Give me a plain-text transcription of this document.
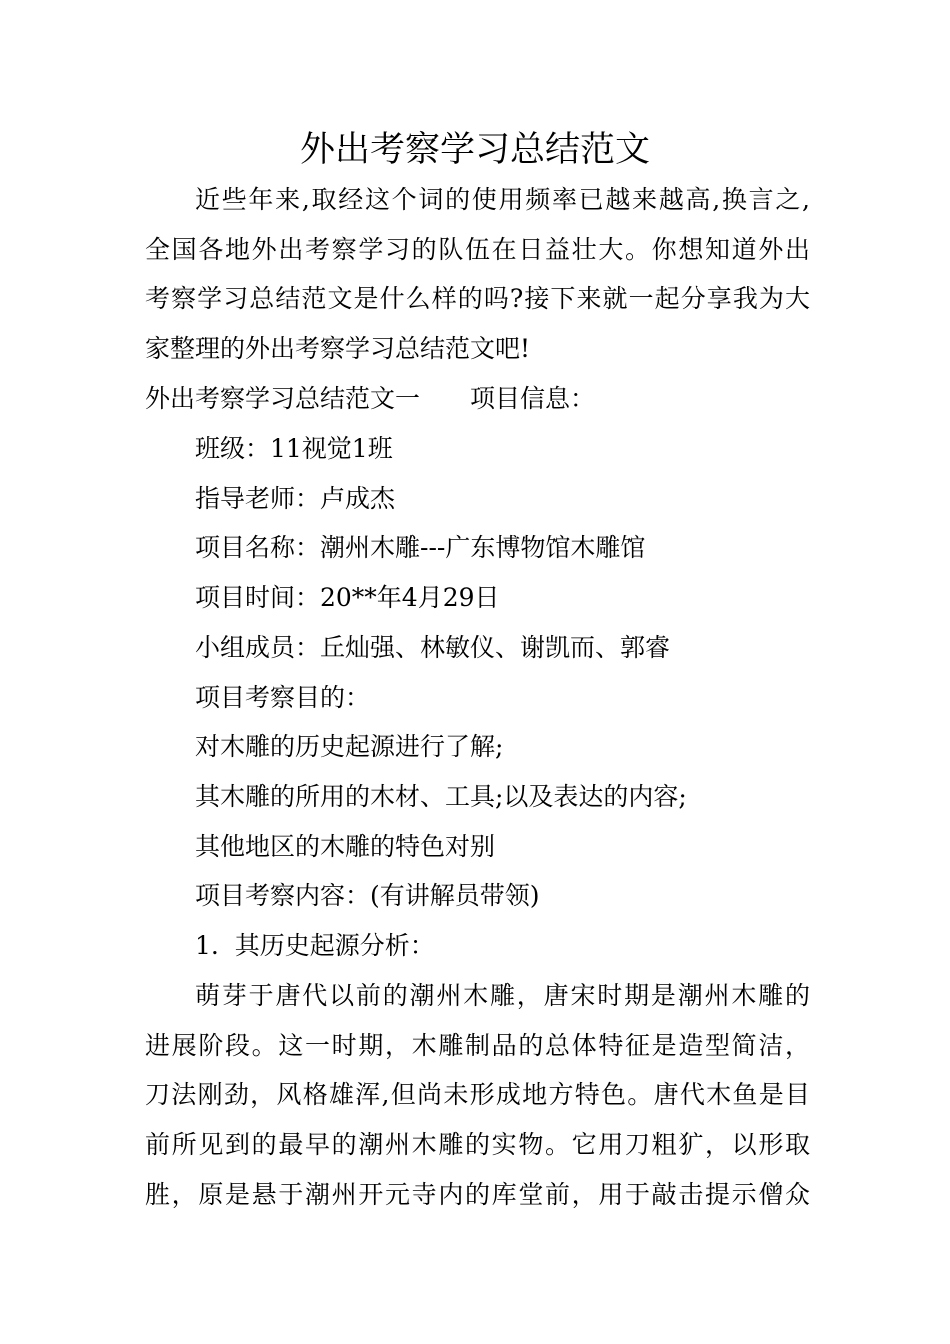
外出考察学习总结范文

近些年来,取经这个词的使用频率已越来越高,换言之,

全国各地外出考察学习的队伍在日益壮大。你想知道外出

考察学习总结范文是什么样的吗?接下来就一起分享我为大

家整理的外出考察学习总结范文吧!

外出考察学习总结范文一 项目信息：

班级：11视觉1班

指导老师：卢成杰

项目名称：潮州木雕---广东博物馆木雕馆

项目时间：20**年4月29日

小组成员：丘灿强、林敏仪、谢凯而、郭睿

项目考察目的：

对木雕的历史起源进行了解;

其木雕的所用的木材、工具;以及表达的内容;

其他地区的木雕的特色对别

项目考察内容：(有讲解员带领)

1.  其历史起源分析：

萌芽于唐代以前的潮州木雕，唐宋时期是潮州木雕的

进展阶段。这一时期，木雕制品的总体特征是造型简洁，

刀法刚劲，风格雄浑,但尚未形成地方特色。唐代木鱼是目

前所见到的最早的潮州木雕的实物。它用刀粗犷，以形取

胜，原是悬于潮州开元寺内的库堂前，用于敲击提示僧众
